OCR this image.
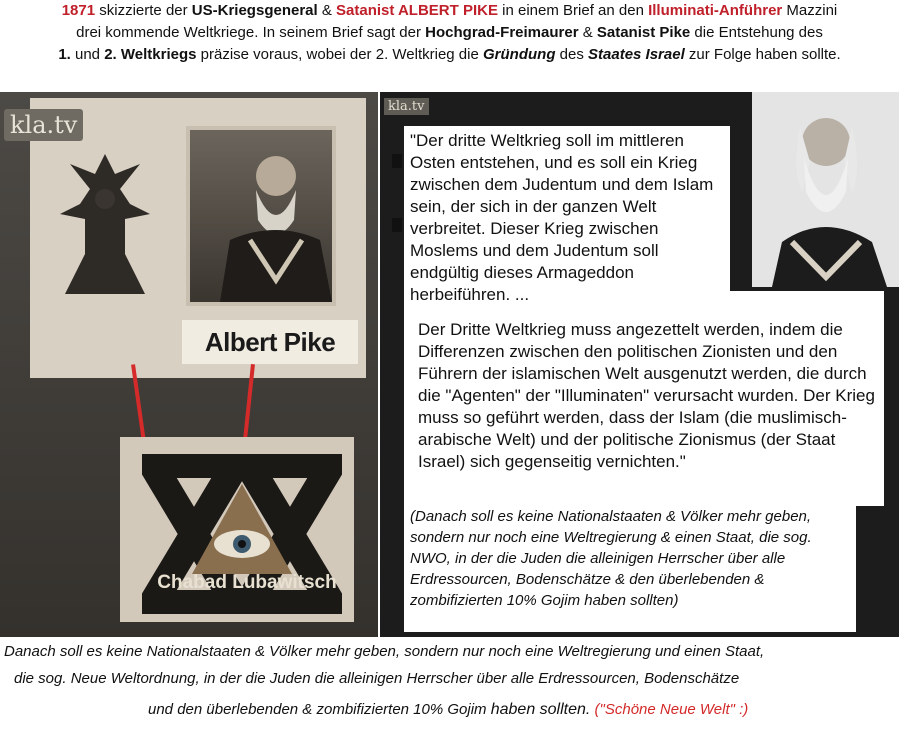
1871 skizzierte der US-Kriegsgeneral & Satanist ALBERT PIKE in einem Brief an den Illuminati-Anführer Mazzini
drei kommende Weltkriege. In seinem Brief sagt der Hochgrad-Freimaurer & Satanist Pike die Entstehung des
1. und 2. Weltkriegs präzise voraus, wobei der 2. Weltkrieg die Gründung des Staates Israel zur Folge haben sollte.
kla.tv
Albert Pike
Chabad Lubawitsch
kla.tv
Der Dritte Weltkrieg muss angezettelt werden, indem die Differenzen zwischen den politischen Zionisten und den Führern der islamischen Welt ausgenutzt werden, die durch die "Agenten" der "Illuminaten" verursacht wurden. Der Krieg muss so geführt werden, dass der Islam (die muslimisch-arabische Welt) und der politische Zionismus (der Staat Israel) sich gegenseitig vernichten."
"Der dritte Weltkrieg soll im mittleren Osten entstehen, und es soll ein Krieg zwischen dem Judentum und dem Islam sein, der sich in der ganzen Welt verbreitet. Dieser Krieg zwischen Moslems und dem Judentum soll endgültig dieses Armageddon herbeiführen. ...
(Danach soll es keine Nationalstaaten & Völker mehr geben, sondern nur noch eine Weltregierung & einen Staat, die sog. NWO, in der die Juden die alleinigen Herrscher über alle Erdressourcen, Bodenschätze & den überlebenden & zombifizierten 10% Gojim haben sollten)
Danach soll es keine Nationalstaaten & Völker mehr geben, sondern nur noch eine Weltregierung und einen Staat,
die sog. Neue Weltordnung, in der die Juden die alleinigen Herrscher über alle Erdressourcen, Bodenschätze
und den überlebenden & zombifizierten 10% Gojim haben sollten. ("Schöne Neue Welt" :)
